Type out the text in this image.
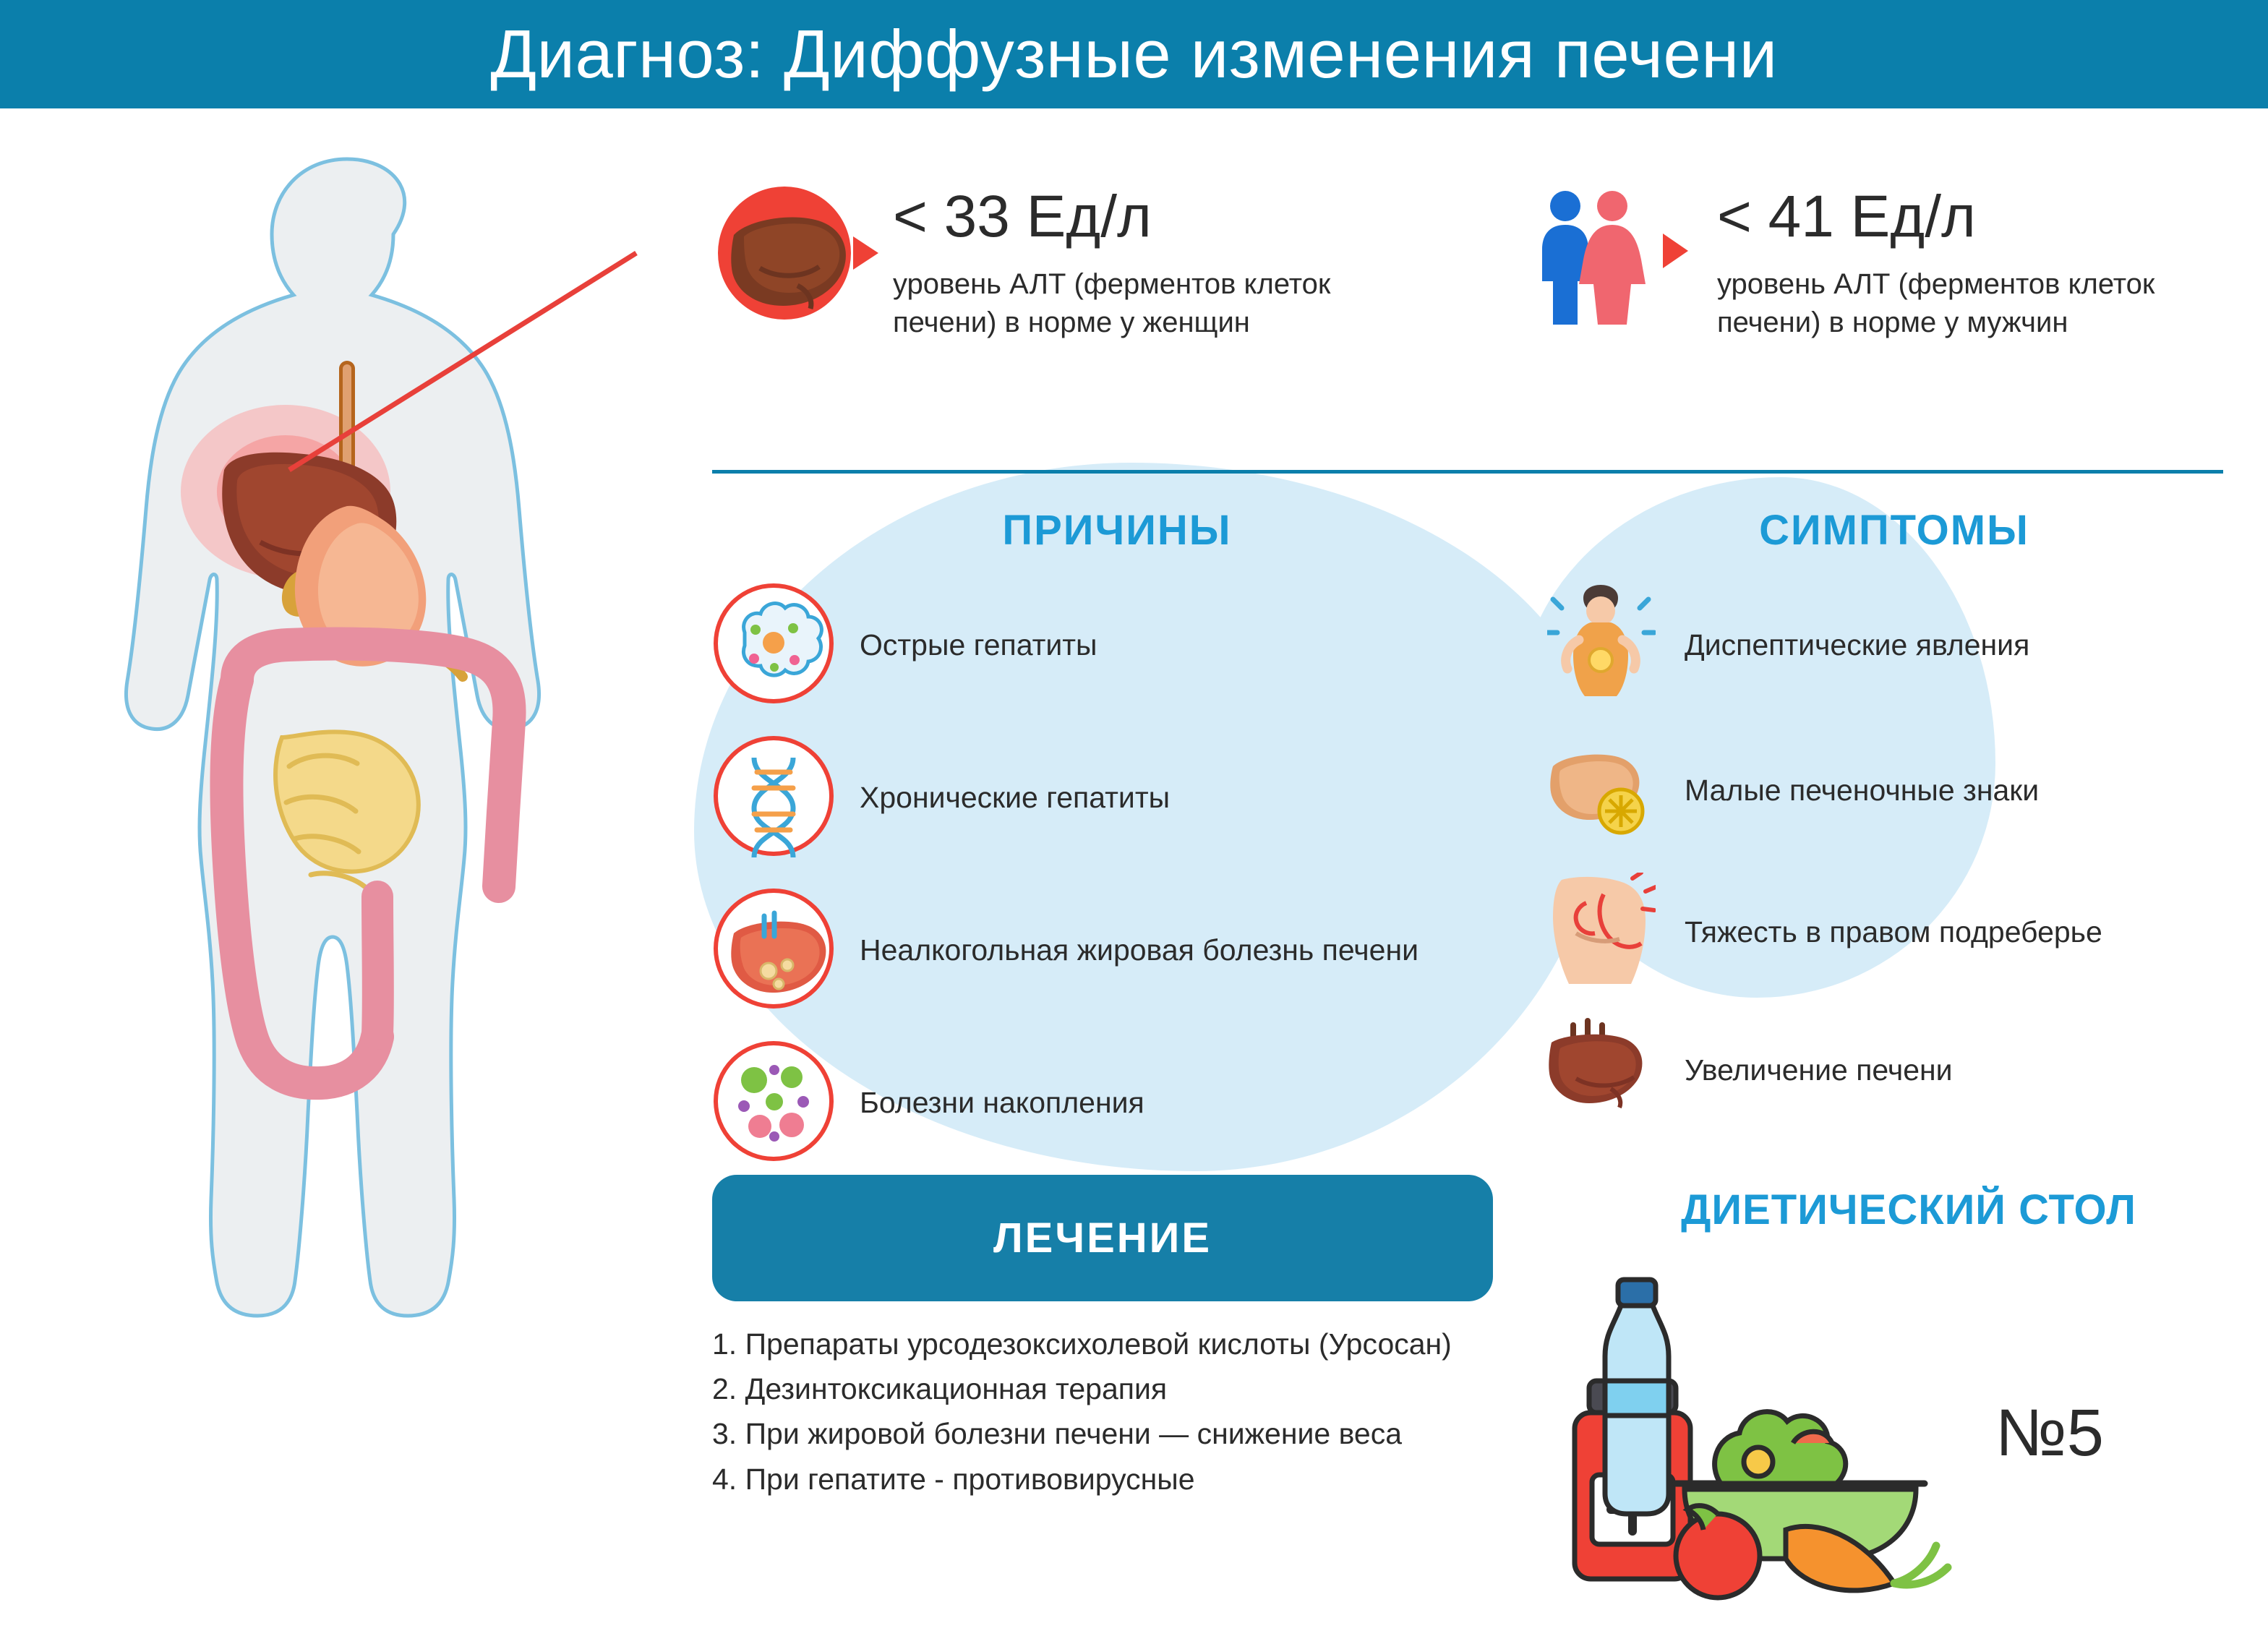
Диагноз: Диффузные изменения печени
< 33 Ед/л
уровень АЛТ (ферментов клеток печени) в норме у женщин
< 41 Ед/л
уровень АЛТ (ферментов клеток печени) в норме у мужчин
ПРИЧИНЫ
Острые гепатиты
Хронические гепатиты
Неалкогольная жировая болезнь печени
Болезни накопления
СИМПТОМЫ
Диспептические явления
Малые печеночные знаки
Тяжесть в правом подреберье
Увеличение печени
ЛЕЧЕНИЕ
1. Препараты урсодезоксихолевой кислоты (Урсосан)
2. Дезинтоксикационная терапия
3. При жировой болезни печени — снижение веса
4. При гепатите - противовирусные
ДИЕТИЧЕСКИЙ СТОЛ
№5
